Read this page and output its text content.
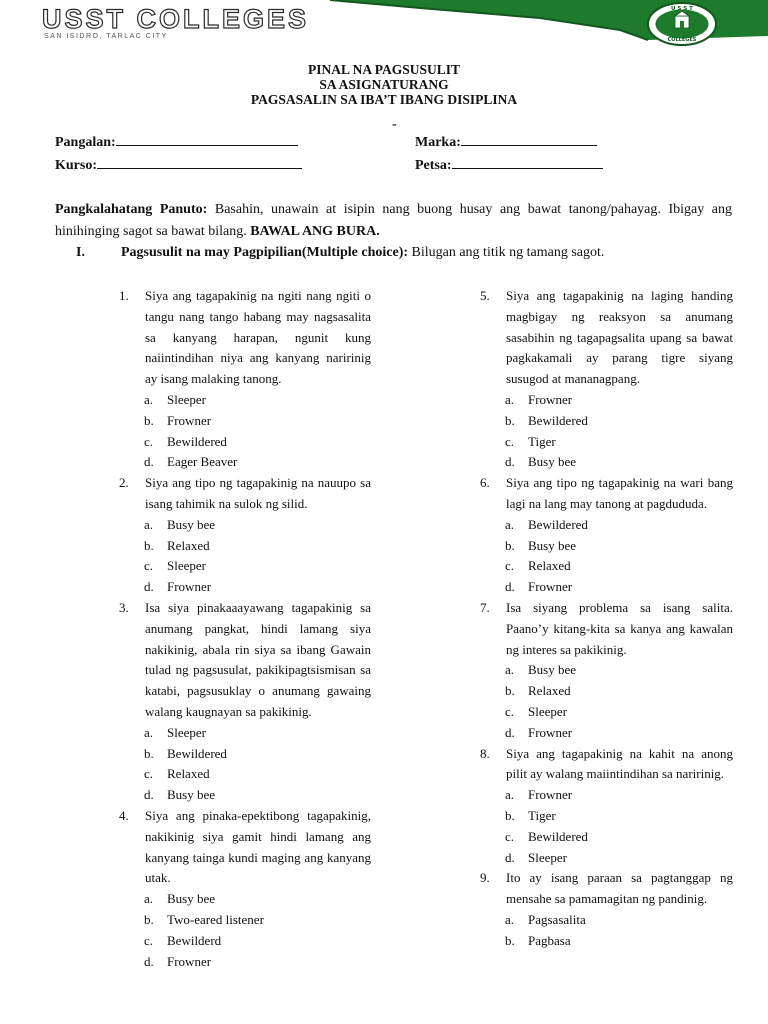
USST COLLEGES
SAN ISIDRO, TARLAC CITY
U S S T
COLLEGES
PINAL NA PAGSUSULIT
SA ASIGNATURANG
PAGSASALIN SA IBA’T IBANG DISIPLINA
-
Pangalan:	Marka:
Kurso:	Petsa:
Pangkalahatang Panuto: Basahin, unawain at isipin nang buong husay ang bawat tanong/pahayag. Ibigay ang hinihinging sagot sa bawat bilang. BAWAL ANG BURA.
I.	Pagsusulit na may Pagpipilian(Multiple choice): Bilugan ang titik ng tamang sagot.
1. Siya ang tagapakinig na ngiti nang ngiti o tangu nang tango habang may nagsasalita sa kanyang harapan, ngunit kung naiintindihan niya ang kanyang naririnig ay isang malaking tanong.
a. Sleeper
b. Frowner
c. Bewildered
d. Eager Beaver
2. Siya ang tipo ng tagapakinig na nauupo sa isang tahimik na sulok ng silid.
a. Busy bee
b. Relaxed
c. Sleeper
d. Frowner
3. Isa siya pinakaaayawang tagapakinig sa anumang pangkat, hindi lamang siya nakikinig, abala rin siya sa ibang Gawain tulad ng pagsusulat, pakikipagtsismisan sa katabi, pagsusuklay o anumang gawaing walang kaugnayan sa pakikinig.
a. Sleeper
b. Bewildered
c. Relaxed
d. Busy bee
4. Siya ang pinaka-epektibong tagapakinig, nakikinig siya gamit hindi lamang ang kanyang tainga kundi maging ang kanyang utak.
a. Busy bee
b. Two-eared listener
c. Bewilderd
d. Frowner
5. Siya ang tagapakinig na laging handing magbigay ng reaksyon sa anumang sasabihin ng tagapagsalita upang sa bawat pagkakamali ay parang tigre siyang susugod at mananagpang.
a. Frowner
b. Bewildered
c. Tiger
d. Busy bee
6. Siya ang tipo ng tagapakinig na wari bang lagi na lang may tanong at pagdududa.
a. Bewildered
b. Busy bee
c. Relaxed
d. Frowner
7. Isa siyang problema sa isang salita. Paano’y kitang-kita sa kanya ang kawalan ng interes sa pakikinig.
a. Busy bee
b. Relaxed
c. Sleeper
d. Frowner
8. Siya ang tagapakinig na kahit na anong pilit ay walang maiintindihan sa naririnig.
a. Frowner
b. Tiger
c. Bewildered
d. Sleeper
9. Ito ay isang paraan sa pagtanggap ng mensahe sa pamamagitan ng pandinig.
a. Pagsasalita
b. Pagbasa
